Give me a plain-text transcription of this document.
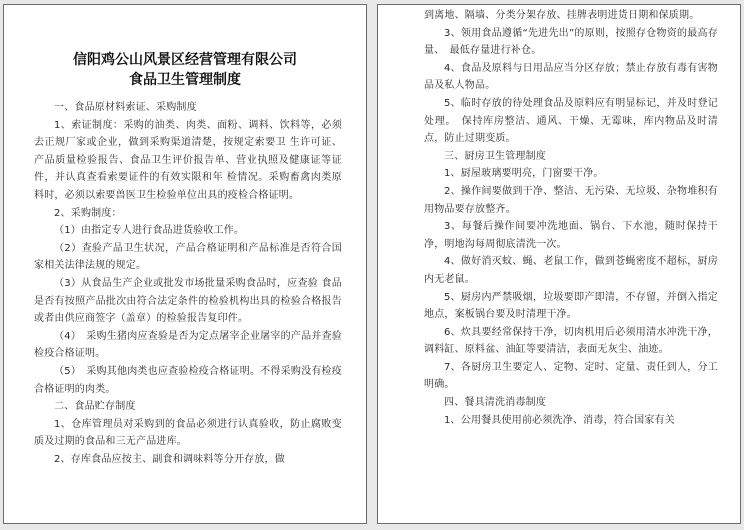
信阳鸡公山风景区经营管理有限公司
食品卫生管理制度

一、食品原材料索证、采购制度

1、索证制度：采购的油类、肉类、面粉、调料、饮料等，必须去正规厂家或企业，做到采购渠道清楚，按规定索要卫 生许可证、产品质量检验报告、食品卫生评价报告单、营业执照及健康证等证件，并认真查看索要证件的有效实限和年 检情况。采购畜禽肉类原料时，必须以索要兽医卫生检验单位出具的疫检合格证明。

2、采购制度：

（1）由指定专人进行食品进货验收工作。

（2）查验产品卫生状况，产品合格证明和产品标准是否符合国家相关法律法规的规定。

（3）从食品生产企业或批发市场批量采购食品时，应查验 食品是否有按照产品批次由符合法定条件的检验机构出具的检验合格报告或者由供应商签字（盖章）的检验报告复印件。

（4）　采购生猪肉应查验是否为定点屠宰企业屠宰的产品并查验检疫合格证明。

（5）　采购其他肉类也应查验检疫合格证明。不得采购没有检疫合格证明的肉类。

二、食品贮存制度

1、仓库管理员对采购到的食品必须进行认真验收，防止腐败变质及过期的食品和三无产品进库。

2、存库食品应按主、副食和调味料等分开存放，做

到离地、隔墙、分类分架存放、挂牌表明进货日期和保质期。

3、领用食品遵循“先进先出”的原则，按照存仓物资的最高存量、　最低存量进行补仓。

4、食品及原料与日用品应当分区存放；禁止存放有毒有害物品及私人物品。

5、临时存放的待处理食品及原料应有明显标记，并及时登记处理。　保持库房整洁、通风、干燥、无霉味，库内物品及时清点，防止过期变质。

三、厨房卫生管理制度

1、厨屋玻璃要明亮，门窗要干净。

2、操作间要做到干净、整洁、无污染、无垃圾、杂物堆积有用物品要存放整齐。

3、每餐后操作间要冲洗地面、锅台、下水池，随时保持干净，明地沟每周彻底清洗一次。

4、做好消灭蚊、蝇、老鼠工作，做到苍蝇密度不超标，厨房内无老鼠。

5、厨房内严禁吸烟，垃圾要即产即清，不存留，并倒入指定地点，案板锅台要及时清理干净。

6、炊具要经常保持干净，切肉机用后必须用清水冲洗干净，调料缸、原料盆、油缸等要清洁，表面无灰尘、油迹。

7、各厨房卫生要定人、定物、定时、定量、责任到人，分工明确。

四、餐具清洗消毒制度

1、公用餐具使用前必须洗净、消毒，符合国家有关
